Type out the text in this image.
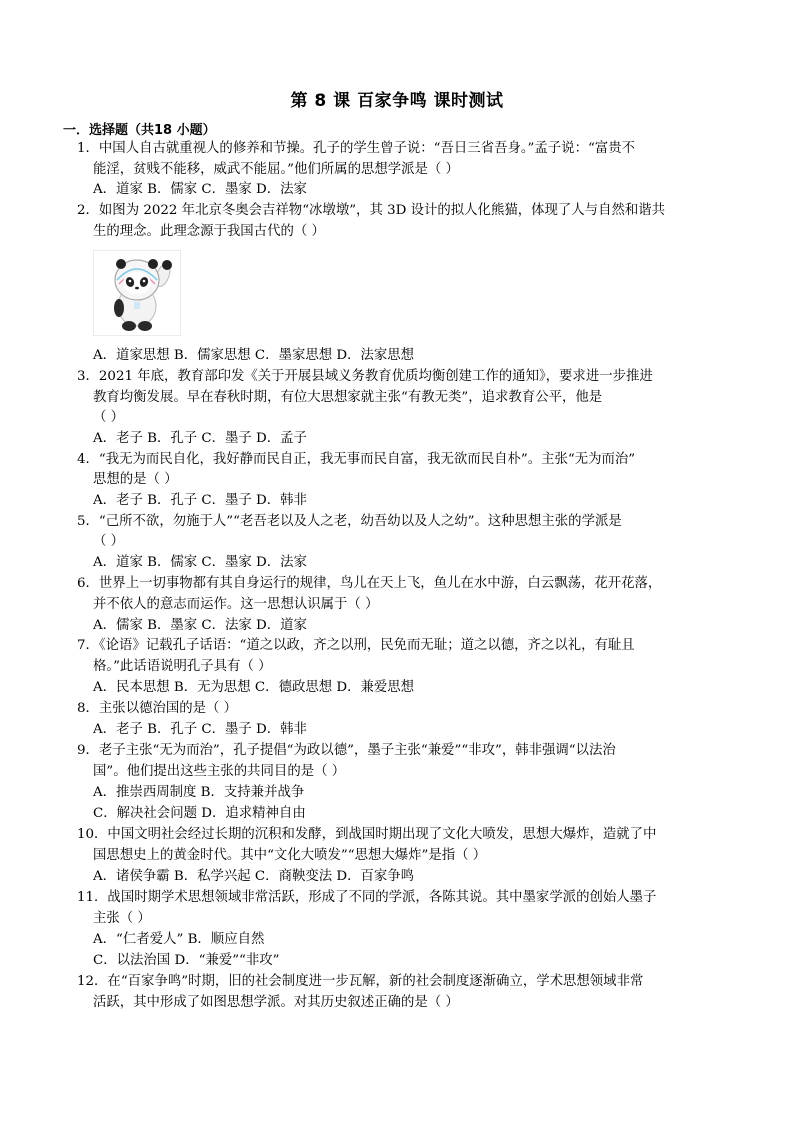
第 8 课 百家争鸣 课时测试
一．选择题（共18 小题）
1．中国人自古就重视人的修养和节操。孔子的学生曾子说：“吾日三省吾身。”孟子说：“富贵不
能淫，贫贱不能移，威武不能屈。”他们所属的思想学派是（ ）
A．道家 B．儒家 C．墨家 D．法家
2．如图为 2022 年北京冬奥会吉祥物“冰墩墩”，其 3D 设计的拟人化熊猫，体现了人与自然和谐共
生的理念。此理念源于我国古代的（ ）
A．道家思想 B．儒家思想 C．墨家思想 D．法家思想
3．2021 年底，教育部印发《关于开展县域义务教育优质均衡创建工作的通知》，要求进一步推进
教育均衡发展。早在春秋时期，有位大思想家就主张“有教无类”，追求教育公平，他是
（ ）
A．老子 B．孔子 C．墨子 D．孟子
4．“我无为而民自化，我好静而民自正，我无事而民自富，我无欲而民自朴”。主张“无为而治”
思想的是（ ）
A．老子 B．孔子 C．墨子 D．韩非
5．“己所不欲，勿施于人”“老吾老以及人之老，幼吾幼以及人之幼”。这种思想主张的学派是
（ ）
A．道家 B．儒家 C．墨家 D．法家
6．世界上一切事物都有其自身运行的规律，鸟儿在天上飞，鱼儿在水中游，白云飘荡，花开花落，
并不依人的意志而运作。这一思想认识属于（ ）
A．儒家 B．墨家 C．法家 D．道家
7．《论语》记载孔子话语：“道之以政，齐之以刑，民免而无耻；道之以德，齐之以礼，有耻且
格。”此话语说明孔子具有（ ）
A．民本思想 B．无为思想 C．德政思想 D．兼爱思想
8．主张以德治国的是（ ）
A．老子 B．孔子 C．墨子 D．韩非
9．老子主张“无为而治”，孔子提倡“为政以德”，墨子主张“兼爱”“非攻”，韩非强调“以法治
国”。他们提出这些主张的共同目的是（ ）
A．推崇西周制度 B．支持兼并战争
C．解决社会问题 D．追求精神自由
10．中国文明社会经过长期的沉积和发酵，到战国时期出现了文化大喷发，思想大爆炸，造就了中
国思想史上的黄金时代。其中“文化大喷发”“思想大爆炸”是指（ ）
A．诸侯争霸 B．私学兴起 C．商鞅变法 D．百家争鸣
11．战国时期学术思想领域非常活跃，形成了不同的学派，各陈其说。其中墨家学派的创始人墨子
主张（ ）
A．“仁者爱人” B．顺应自然
C．以法治国 D．“兼爱”“非攻”
12．在“百家争鸣”时期，旧的社会制度进一步瓦解，新的社会制度逐渐确立，学术思想领域非常
活跃，其中形成了如图思想学派。对其历史叙述正确的是（ ）
